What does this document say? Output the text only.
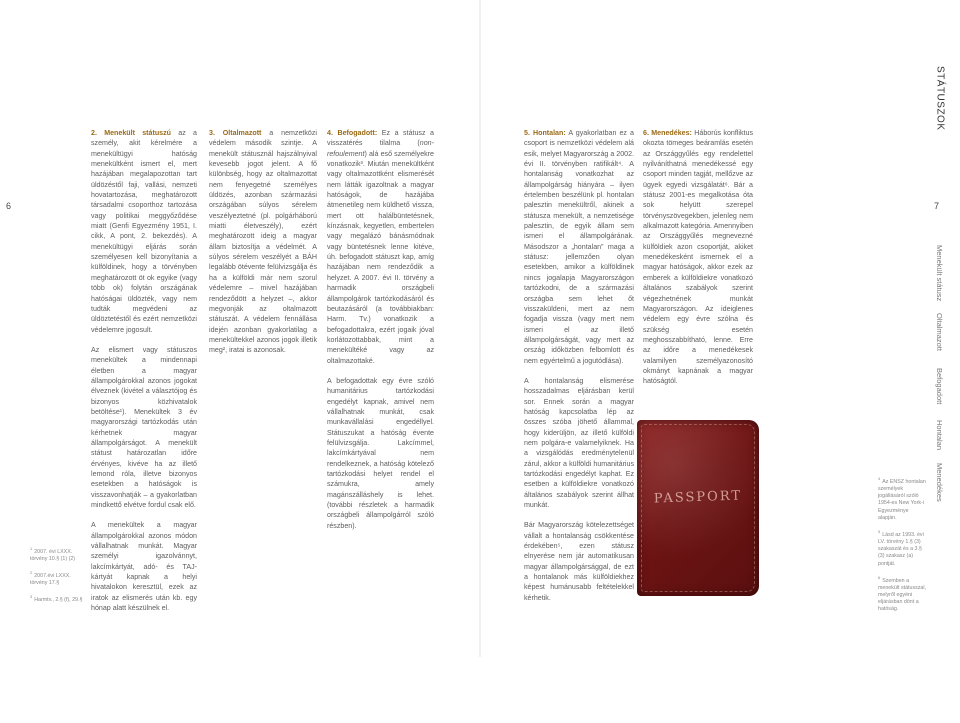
6	7
STÁTUSZOK

$^1$2007. évi LXXX. törvény 10.§ (1) (2)

$^2$2007.évi LXXX. törvény 17.§

$^3$Harmtv., 2.§ (f), 29.§

2. Menekült státuszú az a személy, akit kérelmére a menekültügyi hatóság menekültként ismert el, mert hazájában megalapozottan tart üldözéstől faji, vallási, nemzeti hovatartozása, meghatározott társadalmi csoporthoz tartozása vagy politikai meggyőződése miatt (Genfi Egyezmény 1951, I. cikk, A pont, 2. bekezdés). A menekültügyi eljárás során személyesen kell bizonyítania a külföldinek, hogy a törvényben meghatározott öt ok egyike (vagy több ok) folytán országának hatóságai üldözték, vagy nem tudták megvédeni az üldöztetéstől és ezért nemzetközi védelemre jogosult.

Az elismert vagy státuszos menekültek a mindennapi életben a magyar állampolgárokkal azonos jogokat élveznek (kivétel a választójog és bizonyos közhivatalok betöltése¹). Menekültek 3 év magyarországi tartózkodás után kérhetnek magyar állampolgárságot. A menekült státust határozatlan időre érvényes, kivéve ha az illető lemond róla, illetve bizonyos esetekben a hatóságok is visszavonhatják – a gyakorlatban mindkettő elvétve fordul csak elő.

A menekültek a magyar állampolgárokkal azonos módon vállalhatnak munkát. Magyar személyi igazolvánnyt, lakcímkártyát, adó- és TAJ-kártyát kapnak a helyi hivatalokon keresztül, ezek az iratok az elismerés után kb. egy hónap alatt készülnek el.

3. Oltalmazott a nemzetközi védelem második szintje. A menekült státusznál hajszálnyival kevesebb jogot jelent. A fő különbség, hogy az oltalmazottat nem fenyegetné személyes üldözés, azonban származási országában súlyos sérelem veszélyeztetné (pl. polgárháború miatti életveszély), ezért meghatározott ideig a magyar állam biztosítja a védelmét. A súlyos sérelem veszélyét a BÁH legalább ötévente felülvizsgálja és ha a külföldi már nem szorul védelemre – mivel hazájában rendeződött a helyzet –, akkor megvonják az oltalmazott státuszát. A védelem fennállása idején azonban gyakorlatilag a menekültekkel azonos jogok illetik meg², iratai is azonosak.

4. Befogadott: Ez a státusz a visszatérés tilalma (non-refoulement) alá eső személyekre vonatkozik³. Miután menekültként vagy oltalmazottként elismerését nem látták igazoltnak a magyar hatóságok, de hazájába átmenetileg nem küldhető vissza, mert ott halálbüntetésnek, kínzásnak, kegyetlen, embertelen vagy megalázó bánásmódnak vagy büntetésnek lenne kitéve, úh. befogadott státuszt kap, amíg hazájában nem rendeződik a helyzet. A 2007. évi II. törvény a harmadik országbeli állampolgárok tartózkodásáról és beutazásáról (a továbbiakban: Harm. Tv.) vonatkozik a befogadottakra, ezért jogaik jóval korlátozottabbak, mint a menekültéké vagy az oltalmazottaké.

A befogadottak egy évre szóló humanitárius tartózkodási engedélyt kapnak, amivel nem vállalhatnak munkát, csak munkavállalási engedéllyel. Státuszukat a hatóság évente felülvizsgálja. Lakcímmel, lakcímkártyával nem rendelkeznek, a hatóság kötelező tartózkodási helyet rendel el számukra, amely magánszálláshely is lehet. (további részletek a harmadik országbeli állampolgárról szóló részben).

5. Hontalan: A gyakorlatban ez a csoport is nemzetközi védelem alá esik, melyet Magyarország a 2002. évi II. törvényben ratifikált⁴. A hontalanság vonatkozhat az állampolgárság hiányára – ilyen értelemben beszélünk pl. hontalan palesztin menekültről, akinek a státusza menekült, a nemzetisége palesztin, de egyik állam sem ismeri el állampolgárának. Másodszor a „hontalan” maga a státusz: jellemzően olyan esetekben, amikor a külföldinek nincs jogalapja Magyarországon tartózkodni, de a származási országba sem lehet őt visszaküldeni, mert az nem fogadja vissza (vagy mert nem ismeri el az illető állampolgárságát, vagy mert az ország időközben felbomlott és nem egyértelmű a jogutódlása).

A hontalanság elismerése hosszadalmas eljárásban kerül sor. Ennek során a magyar hatóság kapcsolatba lép az összes szóba jöhető állammal, hogy kiderüljön, az illető külföldi nem polgára-e valamelyiknek. Ha a vizsgálódás eredménytelenül zárul, akkor a külföldi humanitárius tartózkodási engedélyt kaphat. Ez esetben a külföldiekre vonatkozó általános szabályok szerint állhat munkát.

Bár Magyarország kötelezettséget vállalt a hontalanság csökkentése érdekében⁵, ezen státusz elnyerése nem jár automatikusan magyar állampolgársággal, de ezt a hontalanok más külföldiekhez képest humánusabb feltételekkel kérhetik.

6. Menedékes: Háborús konfliktus okozta tömeges beáramlás esetén az Országgyűlés egy rendelettel nyilváníthatná menedékessé egy csoport minden tagját, mellőzve az ügyek egyedi vizsgálatát⁶. Bár a státusz 2001-es megalkotása óta sok helyütt szerepel törvényszövegekben, jelenleg nem alkalmazott kategória. Amennyiben az Országgyűlés megnevezné külföldiek azon csoportját, akiket menedékesként ismernek el a magyar hatóságok, akkor ezek az emberek a külföldiekre vonatkozó általános szabályok szerint végezhetnének munkát Magyarországon. Az ideiglenes védelem egy évre szólna és szükség esetén meghosszabbítható, lenne. Erre az időre a menedékesek valamilyen személyazonosító okmányt kapnának a magyar hatóságtól.

PASSPORT

$^4$Az ENSZ hontalan személyek jogállásáról szóló 1954-es New York-i Egyezménye alapján.

$^5$Lásd az 1993. évi LV. törvény 1.§ (3) szakaszát és a 3.§ (3) szakasz (a) pontját.

$^6$Szemben a menekült státusszal, melyről egyéni eljárásban dönt a hatóság.

Menekült státusz
Oltalmazott
Befogadott
Hontalan
Menedékes
